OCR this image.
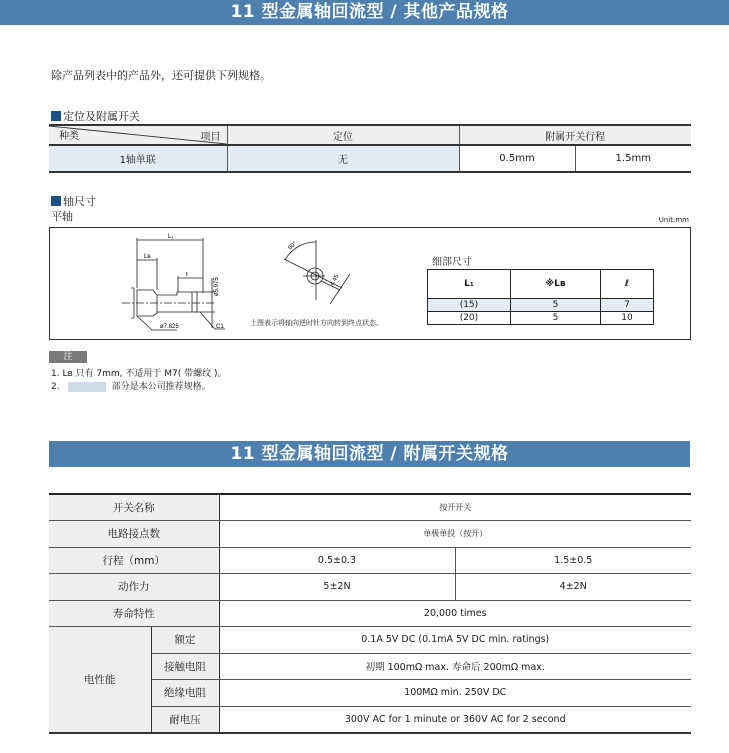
11 型金属轴回流型 / 其他产品规格
除产品列表中的产品外，还可提供下列规格。
定位及附属开关
种类 项目	定位	附属开关行程	
1轴单联	无	0.5mm	1.5mm
轴尺寸
平轴	Unit:mm
L₁
Lʙ
ℓ
ø5.975
ø7.825	C1
60°
4.45
上图表示将轴向逆时针方向转到终点状态。
细部尺寸
L₁	※Lʙ	ℓ
(15)	5	7
(20)	5	10
注
1. Lʙ 只有 7mm, 不适用于 M7( 带螺纹 )。
2.	部分是本公司推荐规格。
11 型金属轴回流型 / 附属开关规格
开关名称		按开开关	
电路接点数		单极单投（按开）	
行程（mm）		0.5±0.3	1.5±0.5
动作力		5±2N	4±2N
寿命特性		20,000 times	
电性能	额定	0.1A 5V DC (0.1mA 5V DC min. ratings)	
	接触电阻	初期 100mΩ max. 寿命后 200mΩ max.	
	绝缘电阻	100MΩ min. 250V DC	
	耐电压	300V AC for 1 minute or 360V AC for 2 second	
